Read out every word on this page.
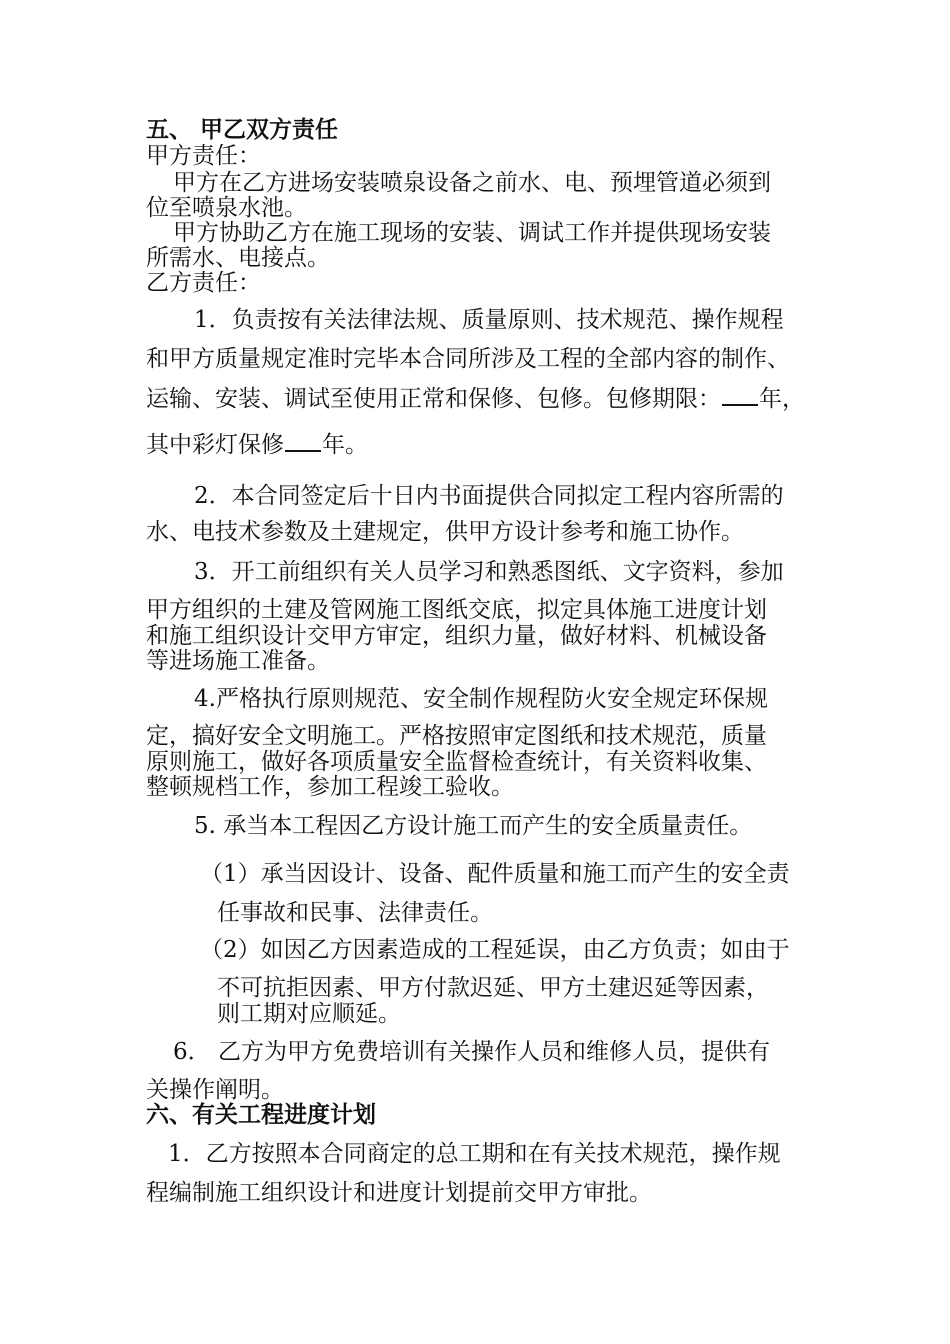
五、 甲乙双方责任
甲方责任：
甲方在乙方进场安装喷泉设备之前水、电、预埋管道必须到
位至喷泉水池。
甲方协助乙方在施工现场的安装、调试工作并提供现场安装
所需水、电接点。
乙方责任：
1．负责按有关法律法规、质量原则、技术规范、操作规程
和甲方质量规定准时完毕本合同所涉及工程的全部内容的制作、
运输、安装、调试至使用正常和保修、包修。包修期限： 年，
其中彩灯保修 年。
2．本合同签定后十日内书面提供合同拟定工程内容所需的
水、电技术参数及土建规定，供甲方设计参考和施工协作。
3．开工前组织有关人员学习和熟悉图纸、文字资料，参加
甲方组织的土建及管网施工图纸交底，拟定具体施工进度计划
和施工组织设计交甲方审定，组织力量，做好材料、机械设备
等进场施工准备。
4.严格执行原则规范、安全制作规程防火安全规定环保规
定，搞好安全文明施工。严格按照审定图纸和技术规范，质量
原则施工，做好各项质量安全监督检查统计，有关资料收集、
整顿规档工作，参加工程竣工验收。
5. 承当本工程因乙方设计施工而产生的安全质量责任。
（1）承当因设计、设备、配件质量和施工而产生的安全责
任事故和民事、法律责任。
（2）如因乙方因素造成的工程延误，由乙方负责；如由于
不可抗拒因素、甲方付款迟延、甲方土建迟延等因素，
则工期对应顺延。
6． 乙方为甲方免费培训有关操作人员和维修人员，提供有
关操作阐明。
六、有关工程进度计划
1．乙方按照本合同商定的总工期和在有关技术规范，操作规
程编制施工组织设计和进度计划提前交甲方审批。
